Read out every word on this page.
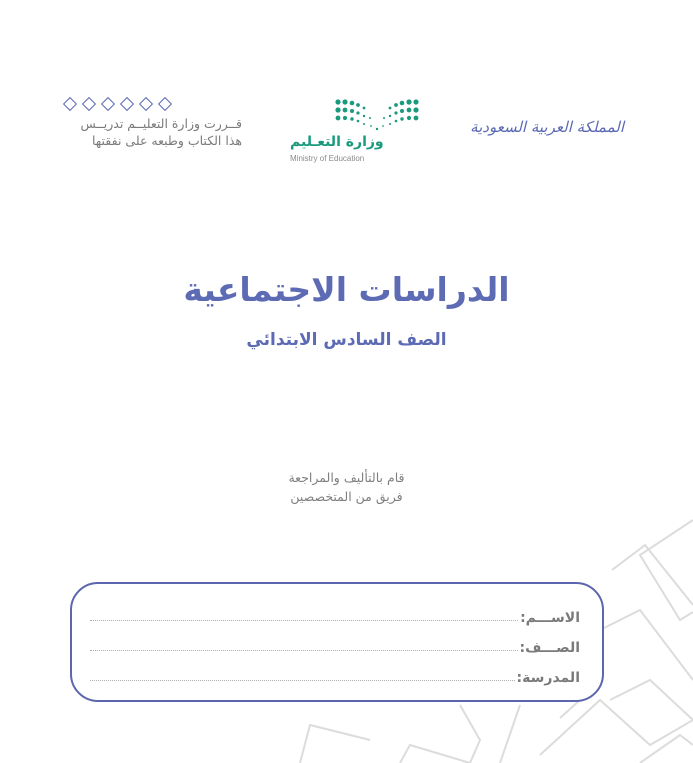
قــررت وزارة التعليــم تدريــس
هذا الكتاب وطبعه على نفقتها	وزارة التعـليم
Ministry of Education
المملكة العربية السعودية
الدراسات الاجتماعية
الصف السادس الابتدائي
قام بالتأليف والمراجعة
فريق من المتخصصين
الاســـم:
الصـــف:
المدرسة:
